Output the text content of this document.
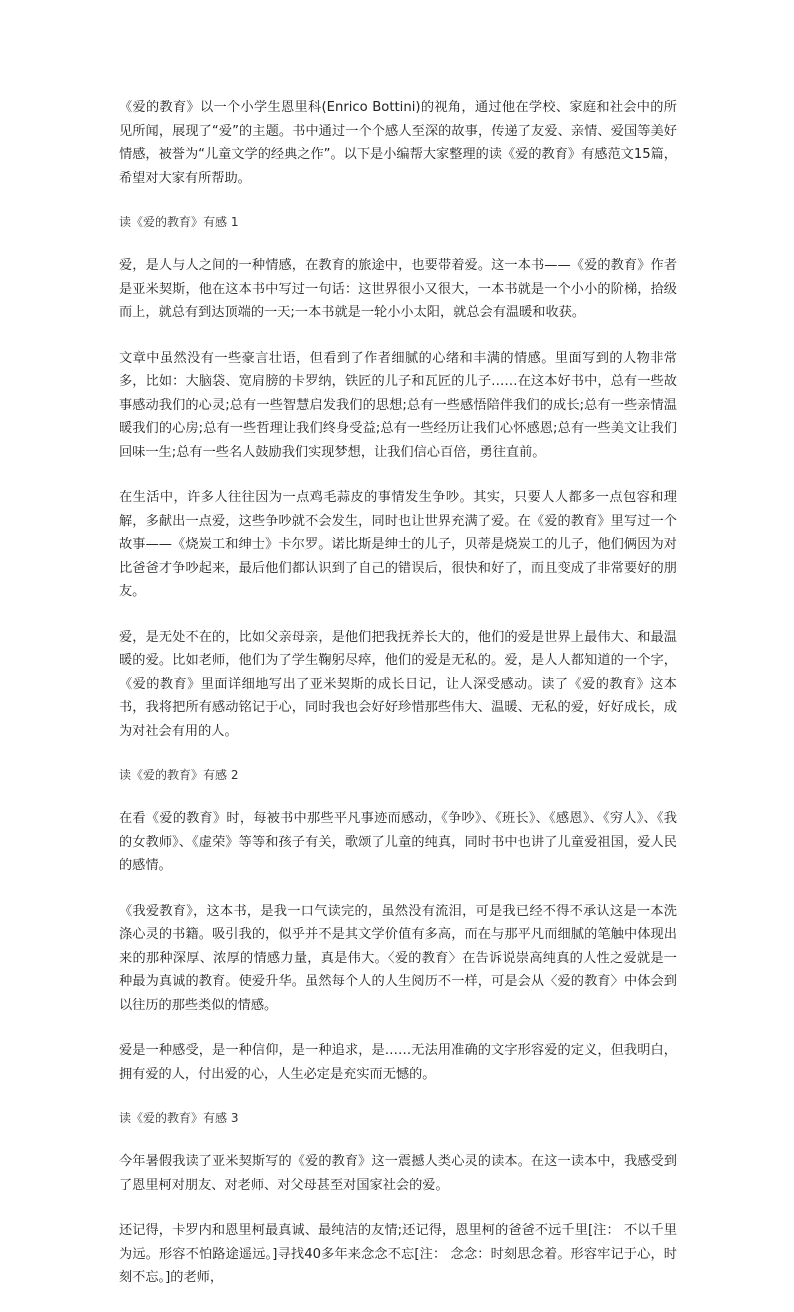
《爱的教育》以一个小学生恩里科(Enrico Bottini)的视角，通过他在学校、家庭和社会中的所见所闻，展现了“爱”的主题。书中通过一个个感人至深的故事，传递了友爱、亲情、爱国等美好情感，被誉为“儿童文学的经典之作”。以下是小编帮大家整理的读《爱的教育》有感范文15篇，希望对大家有所帮助。

读《爱的教育》有感 1

爱，是人与人之间的一种情感，在教育的旅途中，也要带着爱。这一本书——《爱的教育》作者是亚米契斯，他在这本书中写过一句话：这世界很小又很大，一本书就是一个小小的阶梯，拾级而上，就总有到达顶端的一天;一本书就是一轮小小太阳，就总会有温暖和收获。

文章中虽然没有一些豪言壮语，但看到了作者细腻的心绪和丰满的情感。里面写到的人物非常多，比如：大脑袋、宽肩膀的卡罗纳，铁匠的儿子和瓦匠的儿子……在这本好书中，总有一些故事感动我们的心灵;总有一些智慧启发我们的思想;总有一些感悟陪伴我们的成长;总有一些亲情温暖我们的心房;总有一些哲理让我们终身受益;总有一些经历让我们心怀感恩;总有一些美文让我们回味一生;总有一些名人鼓励我们实现梦想，让我们信心百倍，勇往直前。

在生活中，许多人往往因为一点鸡毛蒜皮的事情发生争吵。其实，只要人人都多一点包容和理解，多献出一点爱，这些争吵就不会发生，同时也让世界充满了爱。在《爱的教育》里写过一个故事——《烧炭工和绅士》卡尔罗。诺比斯是绅士的儿子，贝蒂是烧炭工的儿子，他们俩因为对比爸爸才争吵起来，最后他们都认识到了自己的错误后，很快和好了，而且变成了非常要好的朋友。

爱，是无处不在的，比如父亲母亲，是他们把我抚养长大的，他们的爱是世界上最伟大、和最温暖的爱。比如老师，他们为了学生鞠躬尽瘁，他们的爱是无私的。爱，是人人都知道的一个字，《爱的教育》里面详细地写出了亚米契斯的成长日记，让人深受感动。读了《爱的教育》这本书，我将把所有感动铭记于心，同时我也会好好珍惜那些伟大、温暖、无私的爱，好好成长，成为对社会有用的人。

读《爱的教育》有感 2

在看《爱的教育》时，每被书中那些平凡事迹而感动，《争吵》、《班长》、《感恩》、《穷人》、《我的女教师》、《虚荣》等等和孩子有关，歌颂了儿童的纯真，同时书中也讲了儿童爱祖国，爱人民的感情。

《我爱教育》，这本书，是我一口气读完的，虽然没有流泪，可是我已经不得不承认这是一本洗涤心灵的书籍。吸引我的，似乎并不是其文学价值有多高，而在与那平凡而细腻的笔触中体现出来的那种深厚、浓厚的情感力量，真是伟大。〈爱的教育〉在告诉说崇高纯真的人性之爱就是一种最为真诚的教育。使爱升华。虽然每个人的人生阅历不一样，可是会从〈爱的教育〉中体会到以往历的那些类似的情感。

爱是一种感受，是一种信仰，是一种追求，是……无法用准确的文字形容爱的定义，但我明白，拥有爱的人，付出爱的心，人生必定是充实而无憾的。

读《爱的教育》有感 3

今年暑假我读了亚米契斯写的《爱的教育》这一震撼人类心灵的读本。在这一读本中，我感受到了恩里柯对朋友、对老师、对父母甚至对国家社会的爱。

还记得，卡罗内和恩里柯最真诚、最纯洁的友情;还记得，恩里柯的爸爸不远千里[注： 不以千里为远。形容不怕路途遥远。]寻找40多年来念念不忘[注： 念念：时刻思念着。形容牢记于心，时刻不忘。]的老师，
